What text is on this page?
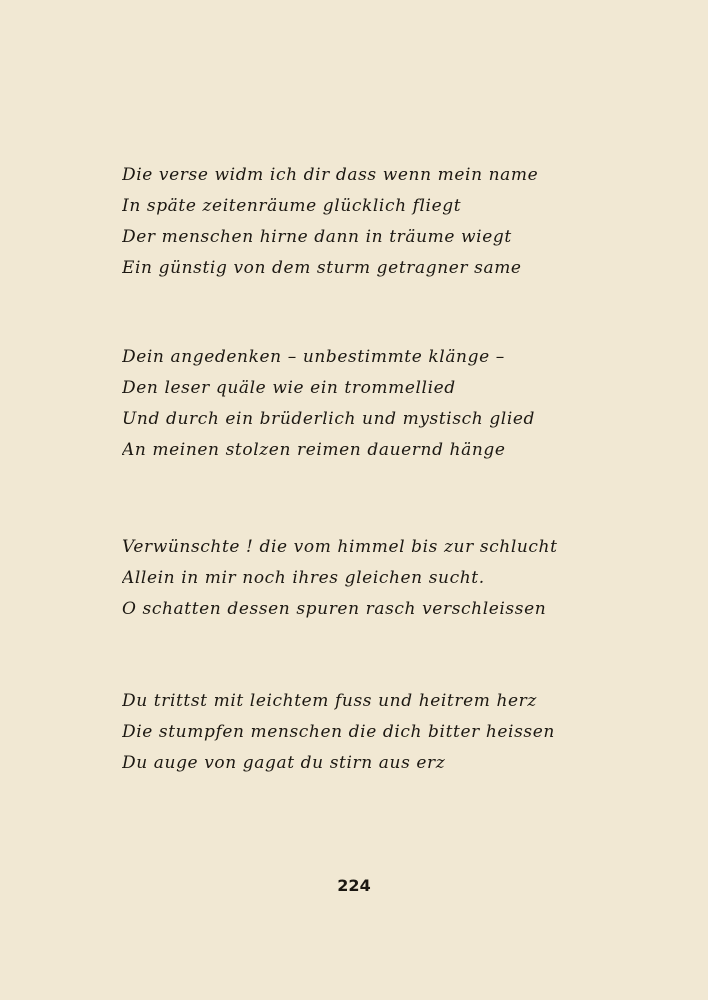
Die verse widm ich dir dass wenn mein name
In späte zeitenräume glücklich fliegt
Der menschen hirne dann in träume wiegt
Ein günstig von dem sturm getragner same
Dein angedenken – unbestimmte klänge –
Den leser quäle wie ein trommellied
Und durch ein brüderlich und mystisch glied
An meinen stolzen reimen dauernd hänge
Verwünschte ! die vom himmel bis zur schlucht
Allein in mir noch ihres gleichen sucht.
O schatten dessen spuren rasch verschleissen
Du trittst mit leichtem fuss und heitrem herz
Die stumpfen menschen die dich bitter heissen
Du auge von gagat du stirn aus erz
224
